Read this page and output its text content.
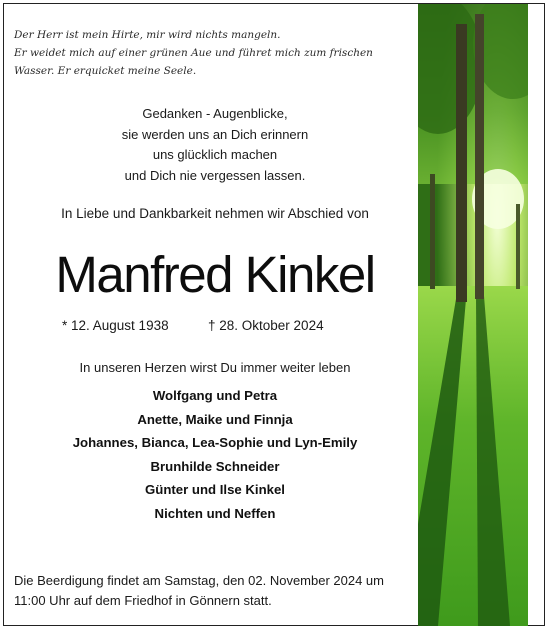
Der Herr ist mein Hirte, mir wird nichts mangeln.
Er weidet mich auf einer grünen Aue und führet mich zum frischen
Wasser. Er erquicket meine Seele.
Gedanken - Augenblicke,
sie werden uns an Dich erinnern
uns glücklich machen
und Dich nie vergessen lassen.
In Liebe und Dankbarkeit nehmen wir Abschied von
Manfred Kinkel
* 12. August 1938	† 28. Oktober 2024
In unseren Herzen wirst Du immer weiter leben
Wolfgang und Petra
Anette, Maike und Finnja
Johannes, Bianca, Lea-Sophie und Lyn-Emily
Brunhilde Schneider
Günter und Ilse Kinkel
Nichten und Neffen
Die Beerdigung findet am Samstag, den 02. November 2024 um
11:00 Uhr auf dem Friedhof in Gönnern statt.
